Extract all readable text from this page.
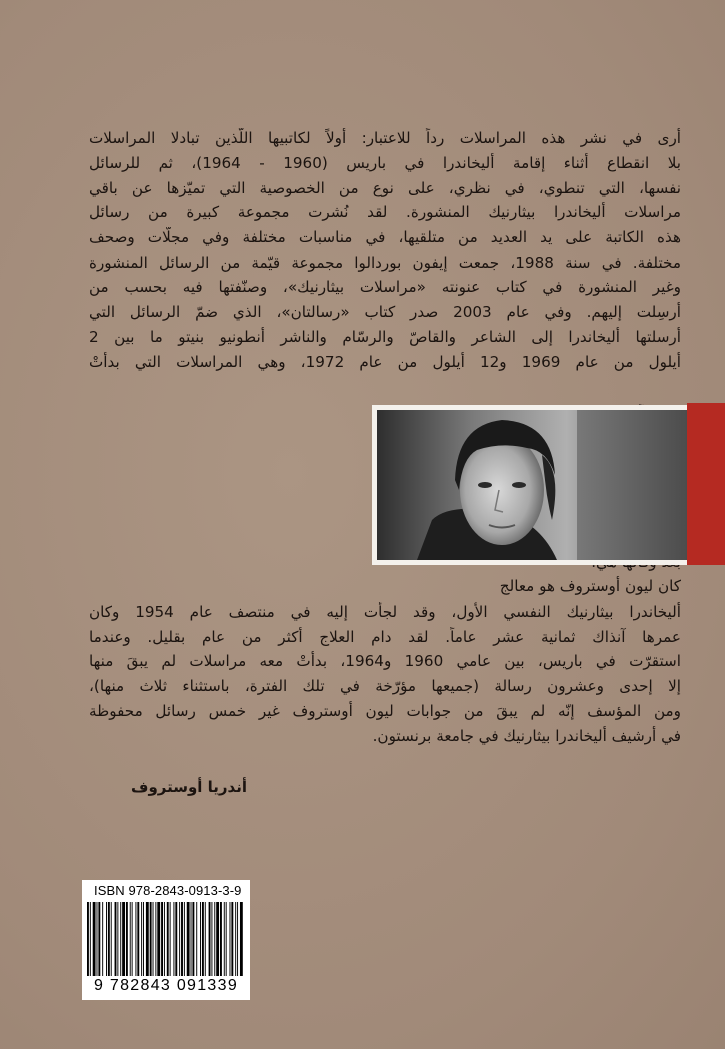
أرى في نشر هذه المراسلات رداً للاعتبار: أولاً لكاتبيها اللّذين تبادلا المراسلات
بلا انقطاع أثناء إقامة أليخاندرا في باريس (1960 - 1964)، ثم للرسائل
نفسها، التي تنطوي، في نظري، على نوع من الخصوصية التي تميّزها عن باقي
مراسلات أليخاندرا بيثارنيك المنشورة. لقد نُشرت مجموعة كبيرة من رسائل
هذه الكاتبة على يد العديد من متلقيها، في مناسبات مختلفة وفي مجلّات وصحف
مختلفة. في سنة 1988، جمعت إيفون بوردالوا مجموعة قيّمة من الرسائل المنشورة
وغير المنشورة في كتاب عنونته «مراسلات بيثارنيك»، وصنّفتها فيه بحسب من
أُرسِلت إليهم. وفي عام 2003 صدر كتاب «رسالتان»، الذي ضمّ الرسائل التي
أرسلتها أليخاندرا إلى الشاعر والقاصّ والرسّام والناشر أنطونيو بنيتو ما بين 2
أيلول من عام 1969 و12 أيلول من عام 1972، وهي المراسلات التي بدأتْ
كان ليون أوستروف هو معالج
أليخاندرا بيثارنيك النفسي الأول، وقد لجأت إليه في منتصف عام 1954 وكان
عمرها آنذاك ثمانية عشر عاماً. لقد دام العلاج أكثر من عام بقليل. وعندما
استقرّت في باريس، بين عامي 1960 و1964، بدأتْ معه مراسلات لم يبقَ منها
إلا إحدى وعشرون رسالة (جميعها مؤرّخة في تلك الفترة، باستثناء ثلاث منها)،
ومن المؤسف إنّه لم يبقَ من جوابات ليون أوستروف غير خمس رسائل محفوظة
في أرشيف أليخاندرا بيثارنيك في جامعة برنستون.
أندريا أوستروف
ISBN 978-2843-0913-3-9
9 782843 091339
